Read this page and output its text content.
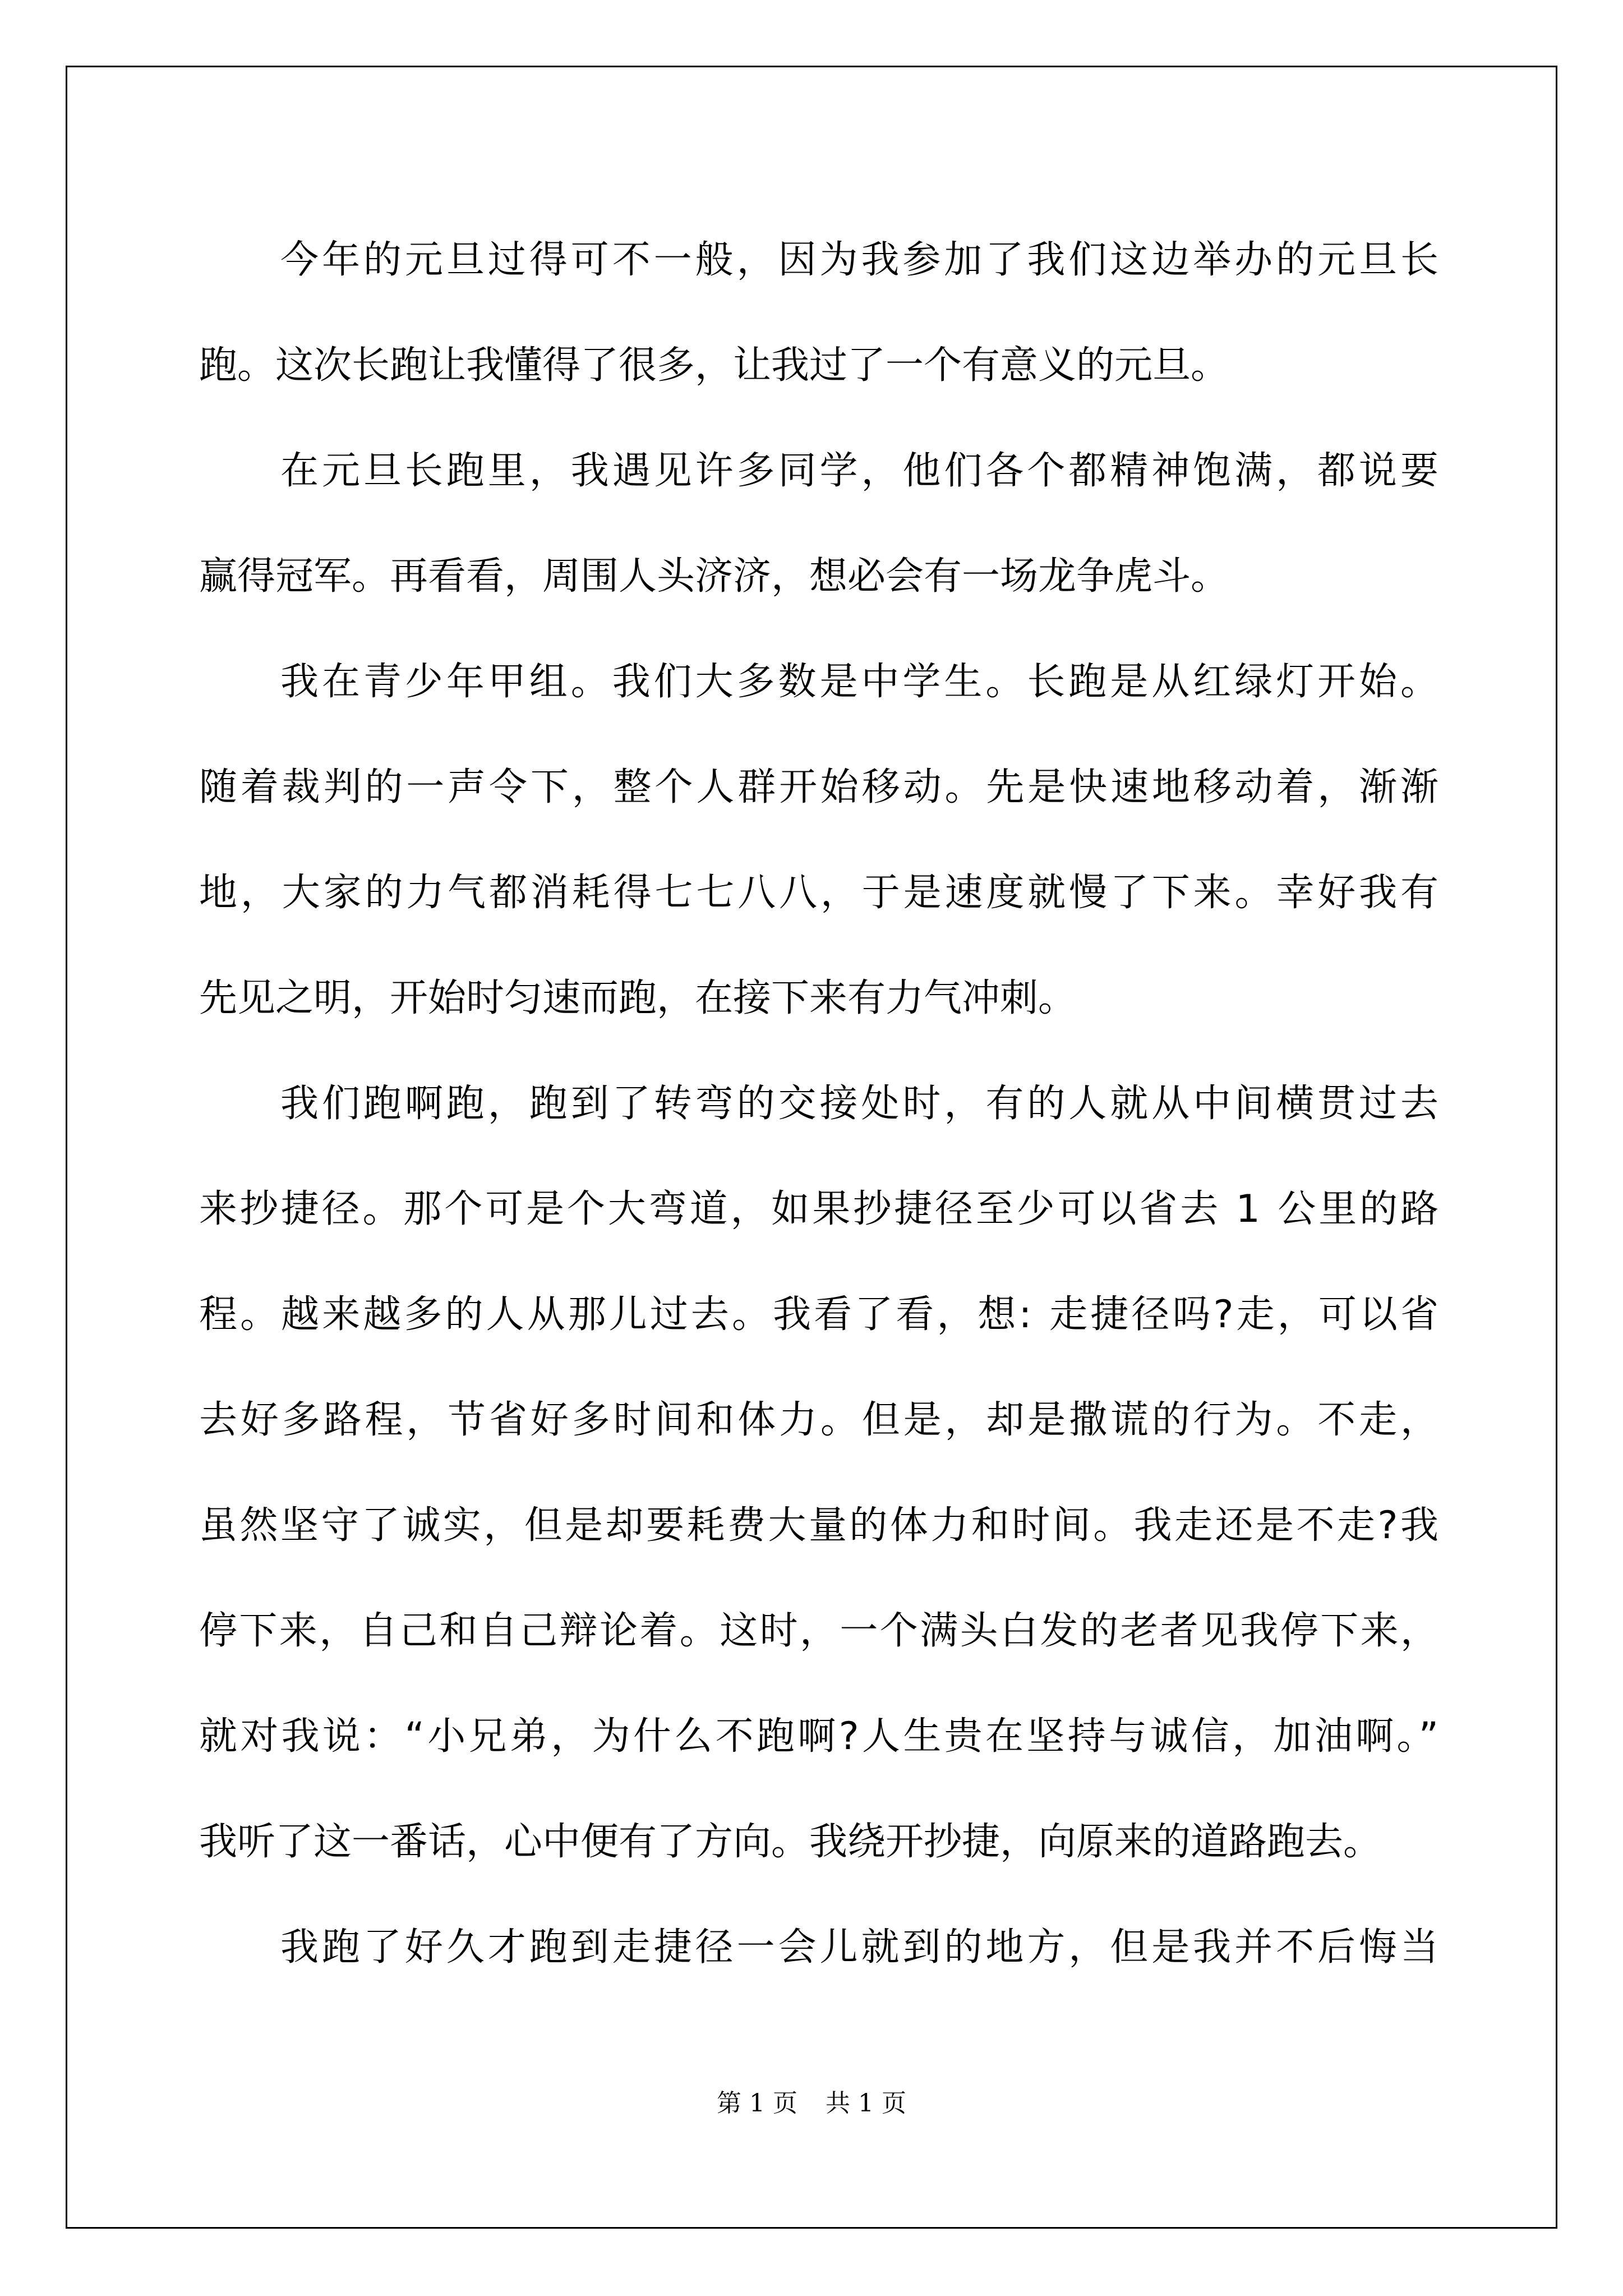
今年的元旦过得可不一般，因为我参加了我们这边举办的元旦长
跑。这次长跑让我懂得了很多，让我过了一个有意义的元旦。
在元旦长跑里，我遇见许多同学，他们各个都精神饱满，都说要
赢得冠军。再看看，周围人头济济，想必会有一场龙争虎斗。
我在青少年甲组。我们大多数是中学生。长跑是从红绿灯开始。
随着裁判的一声令下，整个人群开始移动。先是快速地移动着，渐渐
地，大家的力气都消耗得七七八八，于是速度就慢了下来。幸好我有
先见之明，开始时匀速而跑，在接下来有力气冲刺。
我们跑啊跑，跑到了转弯的交接处时，有的人就从中间横贯过去
来抄捷径。那个可是个大弯道，如果抄捷径至少可以省去 1 公里的路
程。越来越多的人从那儿过去。我看了看，想: 走捷径吗?走，可以省
去好多路程，节省好多时间和体力。但是，却是撒谎的行为。不走，
虽然坚守了诚实，但是却要耗费大量的体力和时间。我走还是不走?我
停下来，自己和自己辩论着。这时，一个满头白发的老者见我停下来，
就对我说：“小兄弟，为什么不跑啊?人生贵在坚持与诚信，加油啊。”
我听了这一番话，心中便有了方向。我绕开抄捷，向原来的道路跑去。
我跑了好久才跑到走捷径一会儿就到的地方，但是我并不后悔当
第 1 页 共 1 页
